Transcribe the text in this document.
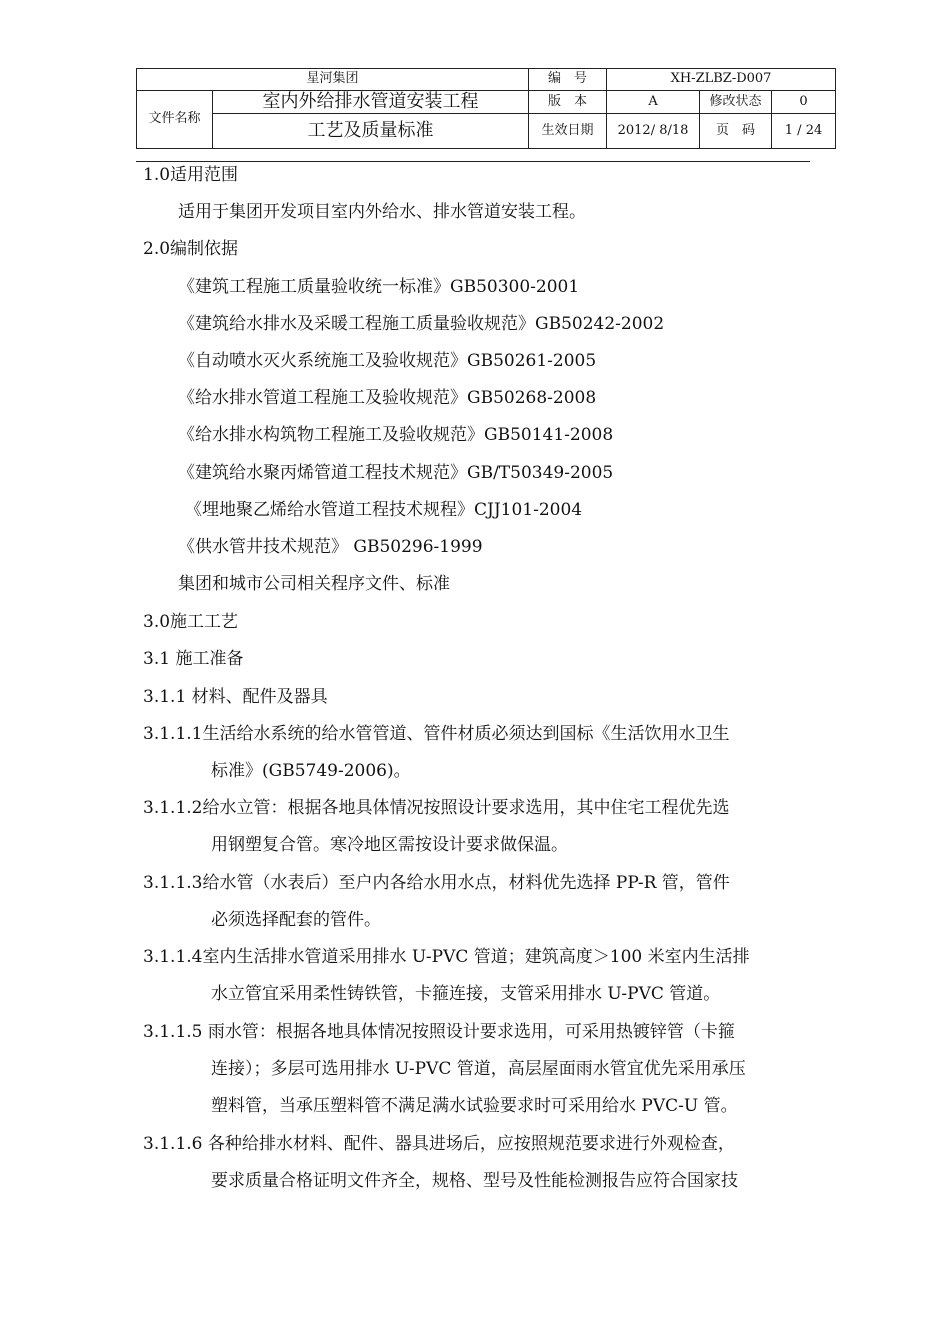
星河集团		编　号	XH-ZLBZ-D007		
文件名称	室内外给排水管道安装工程	版　本	A	修改状态	0
	工艺及质量标准	生效日期	2012/ 8/18	页　码	1 / 24
1.0适用范围
适用于集团开发项目室内外给水、排水管道安装工程。
2.0编制依据
《建筑工程施工质量验收统一标准》GB50300-2001
《建筑给水排水及采暖工程施工质量验收规范》GB50242-2002
《自动喷水灭火系统施工及验收规范》GB50261-2005
《给水排水管道工程施工及验收规范》GB50268-2008
《给水排水构筑物工程施工及验收规范》GB50141-2008
《建筑给水聚丙烯管道工程技术规范》GB/T50349-2005
《埋地聚乙烯给水管道工程技术规程》CJJ101-2004
《供水管井技术规范》 GB50296-1999
集团和城市公司相关程序文件、标准
3.0施工工艺
3.1 施工准备
3.1.1 材料、配件及器具
3.1.1.1生活给水系统的给水管管道、管件材质必须达到国标《生活饮用水卫生
标准》(GB5749-2006)。
3.1.1.2给水立管：根据各地具体情况按照设计要求选用，其中住宅工程优先选
用钢塑复合管。寒冷地区需按设计要求做保温。
3.1.1.3给水管（水表后）至户内各给水用水点，材料优先选择 PP-R 管，管件
必须选择配套的管件。
3.1.1.4室内生活排水管道采用排水 U-PVC 管道；建筑高度＞100 米室内生活排
水立管宜采用柔性铸铁管，卡箍连接，支管采用排水 U-PVC 管道。
3.1.1.5 雨水管：根据各地具体情况按照设计要求选用，可采用热镀锌管（卡箍
连接）；多层可选用排水 U-PVC 管道，高层屋面雨水管宜优先采用承压
塑料管，当承压塑料管不满足满水试验要求时可采用给水 PVC-U 管。
3.1.1.6 各种给排水材料、配件、器具进场后，应按照规范要求进行外观检查，
要求质量合格证明文件齐全，规格、型号及性能检测报告应符合国家技
